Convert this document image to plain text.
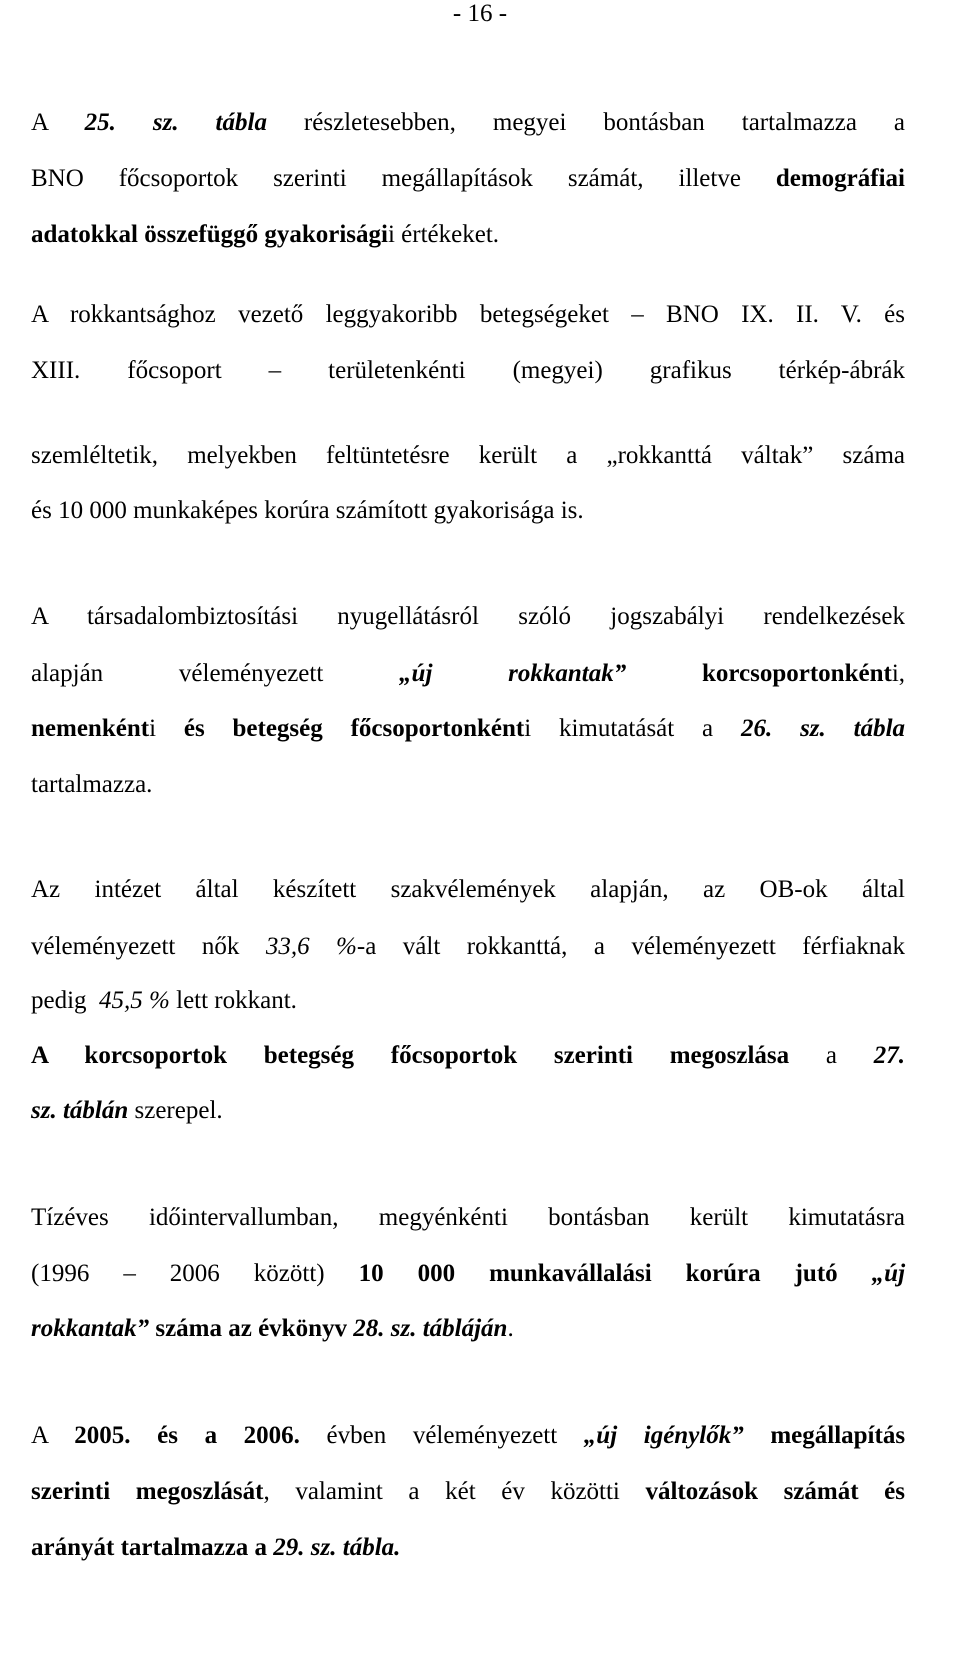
- 16 -
A 25. sz. tábla részletesebben, megyei bontásban tartalmazza a
BNO főcsoportok szerinti megállapítások számát, illetve demográfiai
adatokkal összefüggő gyakoriságii értékeket.
A rokkantsághoz vezető leggyakoribb betegségeket – BNO IX. II. V. és
XIII. főcsoport – területenkénti (megyei) grafikus térkép-ábrák
szemléltetik, melyekben feltüntetésre került a „rokkanttá váltak” száma
és 10 000 munkaképes korúra számított gyakorisága is.
A társadalombiztosítási nyugellátásról szóló jogszabályi rendelkezések
alapján véleményezett	„új rokkantak”	korcsoportonkénti,
nemenkénti és betegség főcsoportonkénti kimutatását a 26. sz. tábla
tartalmazza.
Az intézet által készített szakvélemények alapján, az OB-ok által
véleményezett nők 33,6 %-a vált rokkanttá, a véleményezett férfiaknak
pedig 45,5 % lett rokkant.
A korcsoportok betegség főcsoportok szerinti megoszlása a 27.
sz. táblán szerepel.
Tízéves időintervallumban, megyénkénti bontásban került kimutatásra
(1996 – 2006 között) 10 000 munkavállalási korúra jutó „új
rokkantak” száma az évkönyv 28. sz. tábláján.
A 2005. és a 2006. évben véleményezett „új igénylők” megállapítás
szerinti megoszlását, valamint a két év közötti változások számát és
arányát tartalmazza a 29. sz. tábla.
